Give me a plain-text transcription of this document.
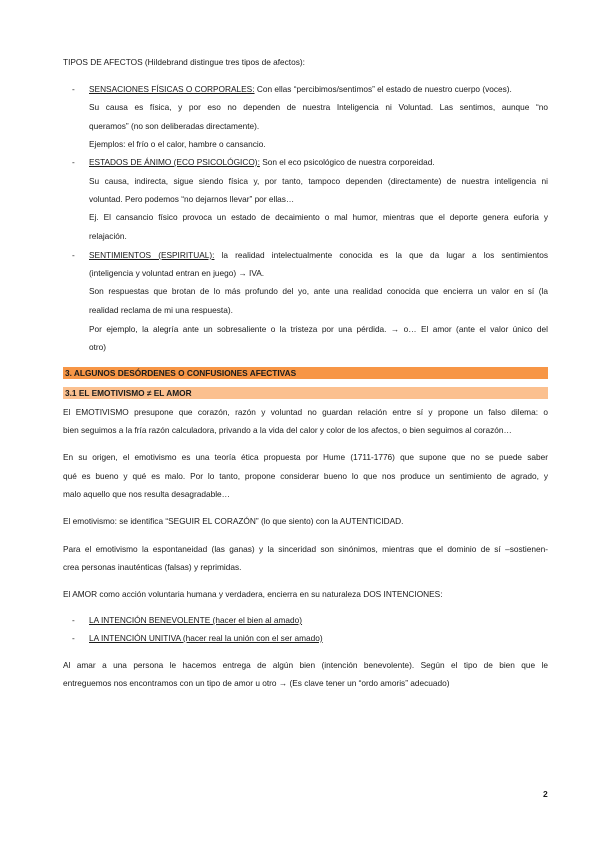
TIPOS DE AFECTOS (Hildebrand distingue tres tipos de afectos):
- SENSACIONES FÍSICAS O CORPORALES: Con ellas “percibimos/sentimos” el estado de nuestro cuerpo (voces).
Su causa es física, y por eso no dependen de nuestra Inteligencia ni Voluntad. Las sentimos, aunque “no
queramos” (no son deliberadas directamente).
Ejemplos: el frío o el calor, hambre o cansancio.
- ESTADOS DE ÁNIMO (ECO PSICOLÓGICO): Son el eco psicológico de nuestra corporeidad.
Su causa, indirecta, sigue siendo física y, por tanto, tampoco dependen (directamente) de nuestra inteligencia ni
voluntad. Pero podemos “no dejarnos llevar” por ellas…
Ej. El cansancio físico provoca un estado de decaimiento o mal humor, mientras que el deporte genera euforia y
relajación.
- SENTIMIENTOS (ESPIRITUAL): la realidad intelectualmente conocida es la que da lugar a los sentimientos
(inteligencia y voluntad entran en juego) → IVA.
Son respuestas que brotan de lo más profundo del yo, ante una realidad conocida que encierra un valor en sí (la
realidad reclama de mi una respuesta).
Por ejemplo, la alegría ante un sobresaliente o la tristeza por una pérdida. → o… El amor (ante el valor único del
otro)
3. ALGUNOS DESÓRDENES O CONFUSIONES AFECTIVAS
3.1 EL EMOTIVISMO ≠ EL AMOR
El EMOTIVISMO presupone que corazón, razón y voluntad no guardan relación entre sí y propone un falso dilema: o
bien seguimos a la fría razón calculadora, privando a la vida del calor y color de los afectos, o bien seguimos al corazón…
En su origen, el emotivismo es una teoría ética propuesta por Hume (1711-1776) que supone que no se puede saber
qué es bueno y qué es malo. Por lo tanto, propone considerar bueno lo que nos produce un sentimiento de agrado, y
malo aquello que nos resulta desagradable…
El emotivismo: se identifica “SEGUIR EL CORAZÓN” (lo que siento) con la AUTENTICIDAD.
Para el emotivismo la espontaneidad (las ganas) y la sinceridad son sinónimos, mientras que el dominio de sí –sostienen-
crea personas inauténticas (falsas) y reprimidas.
El AMOR como acción voluntaria humana y verdadera, encierra en su naturaleza DOS INTENCIONES:
- LA INTENCIÓN BENEVOLENTE (hacer el bien al amado)
- LA INTENCIÓN UNITIVA (hacer real la unión con el ser amado)
Al amar a una persona le hacemos entrega de algún bien (intención benevolente). Según el tipo de bien que le
entreguemos nos encontramos con un tipo de amor u otro → (Es clave tener un “ordo amoris” adecuado)
2
